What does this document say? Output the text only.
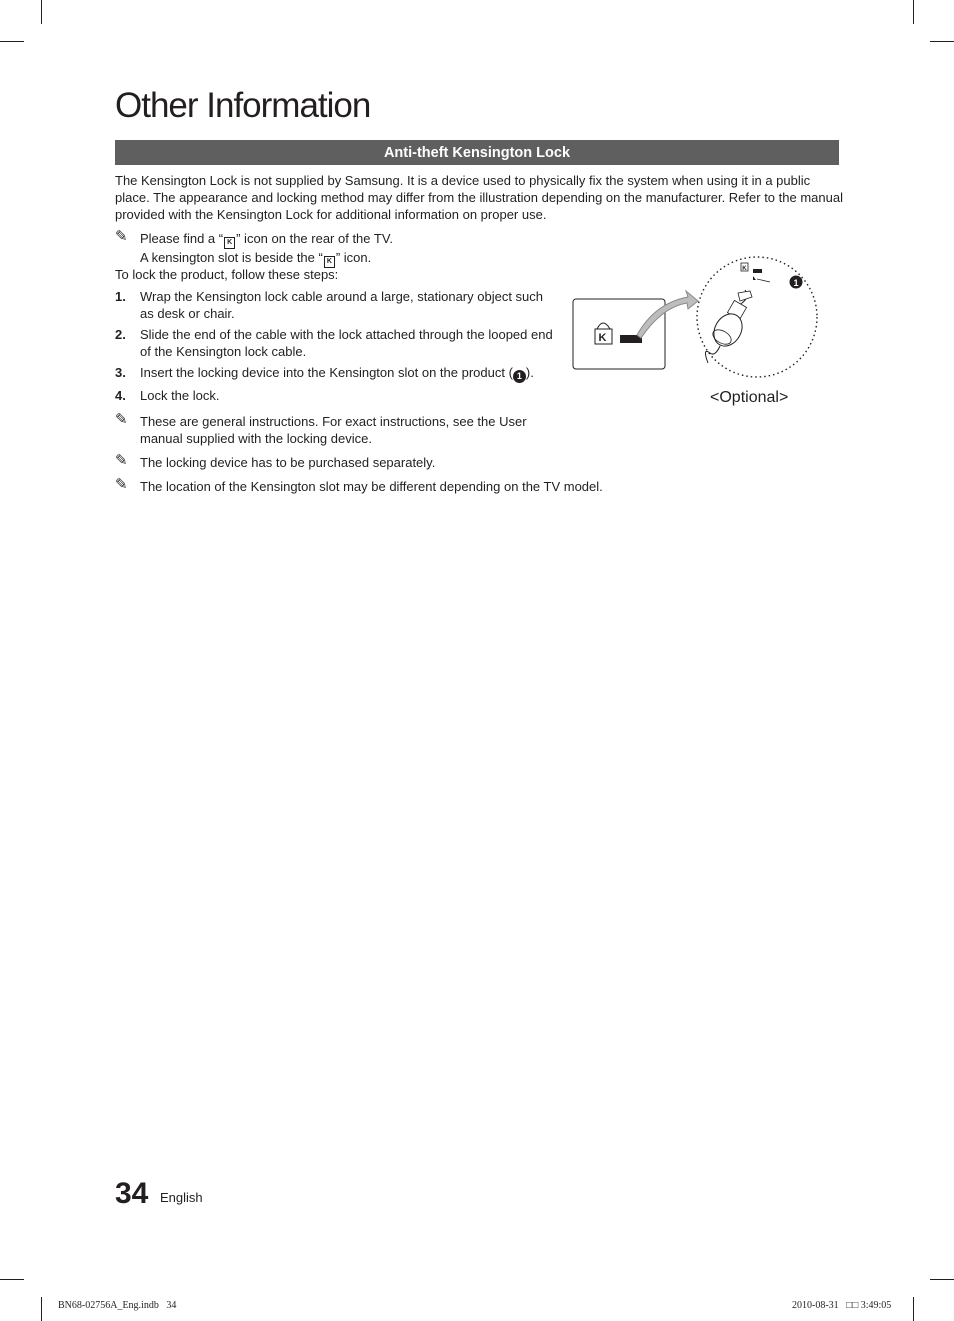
Other Information
Anti-theft Kensington Lock
The Kensington Lock is not supplied by Samsung. It is a device used to physically fix the system when using it in a public place. The appearance and locking method may differ from the illustration depending on the manufacturer. Refer to the manual provided with the Kensington Lock for additional information on proper use.
✎ Please find a “ K ” icon on the rear of the TV.
A kensington slot is beside the “ K ” icon.
To lock the product, follow these steps:
1. Wrap the Kensington lock cable around a large, stationary object such as desk or chair.
2. Slide the end of the cable with the lock attached through the looped end of the Kensington lock cable.
3. Insert the locking device into the Kensington slot on the product ( 1 ).
4. Lock the lock.
✎ These are general instructions. For exact instructions, see the User manual supplied with the locking device.
✎ The locking device has to be purchased separately.
✎ The location of the Kensington slot may be different depending on the TV model.
K
K
1
<Optional>
34 English
BN68-02756A_Eng.indb   34	2010-08-31   □□ 3:49:05
